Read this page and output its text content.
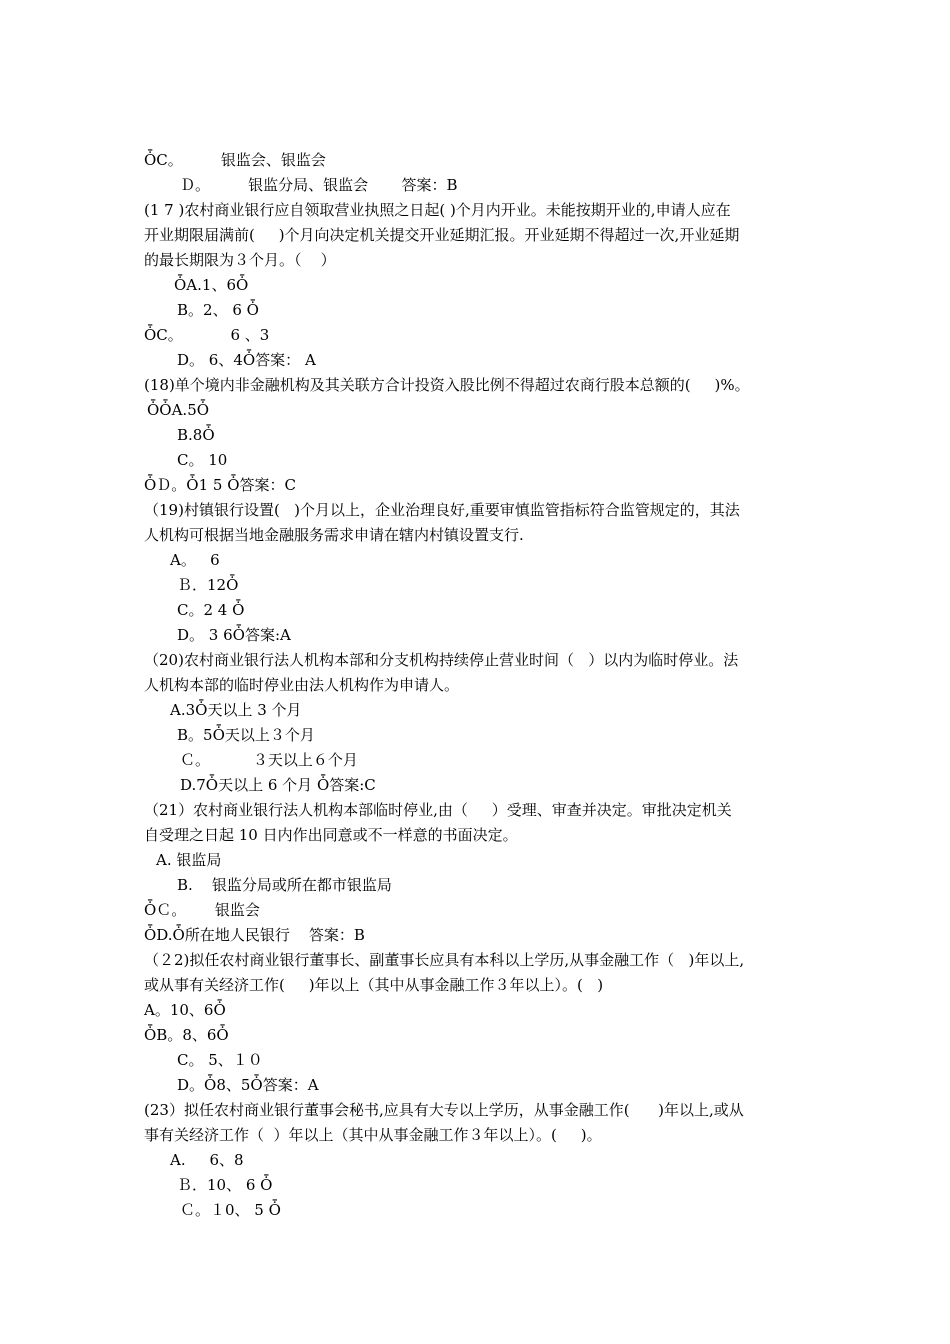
ȰC。        银监会、银监会
Ｄ。        银监分局、银监会       答案：B
(1 7 )农村商业银行应自领取营业执照之日起( )个月内开业。未能按期开业的,申请人应在
开业期限届满前(     )个月向决定机关提交开业延期汇报。开业延期不得超过一次,开业延期
的最长期限为３个月。（    ）
ȰA.1、6Ȱ
B。2、 6 Ȱ
ȰC。          6 、3
D。 6、4Ȱ答案： A
(18)单个境内非金融机构及其关联方合计投资入股比例不得超过农商行股本总额的(     )%。
ȰȰA.5Ȱ
B.8Ȱ
C。 10
ȰＤ。Ȱ1 5 Ȱ答案：C
（19)村镇银行设置(   )个月以上，企业治理良好,重要审慎监管指标符合监管规定的，其法
人机构可根据当地金融服务需求申请在辖内村镇设置支行.
A。   6
Ｂ．12Ȱ
C。2 4 Ȱ
D。 3 6Ȱ答案:A
（20)农村商业银行法人机构本部和分支机构持续停止营业时间（   ）以内为临时停业。法
人机构本部的临时停业由法人机构作为申请人。
A.3Ȱ天以上 3 个月
B。5Ȱ天以上３个月
Ｃ。         ３天以上６个月
D.7Ȱ天以上 6 个月 Ȱ答案:C
（21）农村商业银行法人机构本部临时停业,由（     ）受理、审查并决定。审批决定机关
自受理之日起 10 日内作出同意或不一样意的书面决定。
A. 银监局
B.    银监分局或所在都市银监局
ȰＣ。      银监会
ȰD.Ȱ所在地人民银行    答案：B
（２2)拟任农村商业银行董事长、副董事长应具有本科以上学历,从事金融工作（   )年以上,
或从事有关经济工作(     )年以上（其中从事金融工作３年以上）。(   )
A。10、6Ȱ
ȰB。8、6Ȱ
C。 5、１０
D。Ȱ8、5Ȱ答案：A
(23）拟任农村商业银行董事会秘书,应具有大专以上学历，从事金融工作(      )年以上,或从
事有关经济工作（  ）年以上（其中从事金融工作３年以上）。(     )。
A.     6、8
Ｂ．10、 6 Ȱ
Ｃ。１0、 5 Ȱ
